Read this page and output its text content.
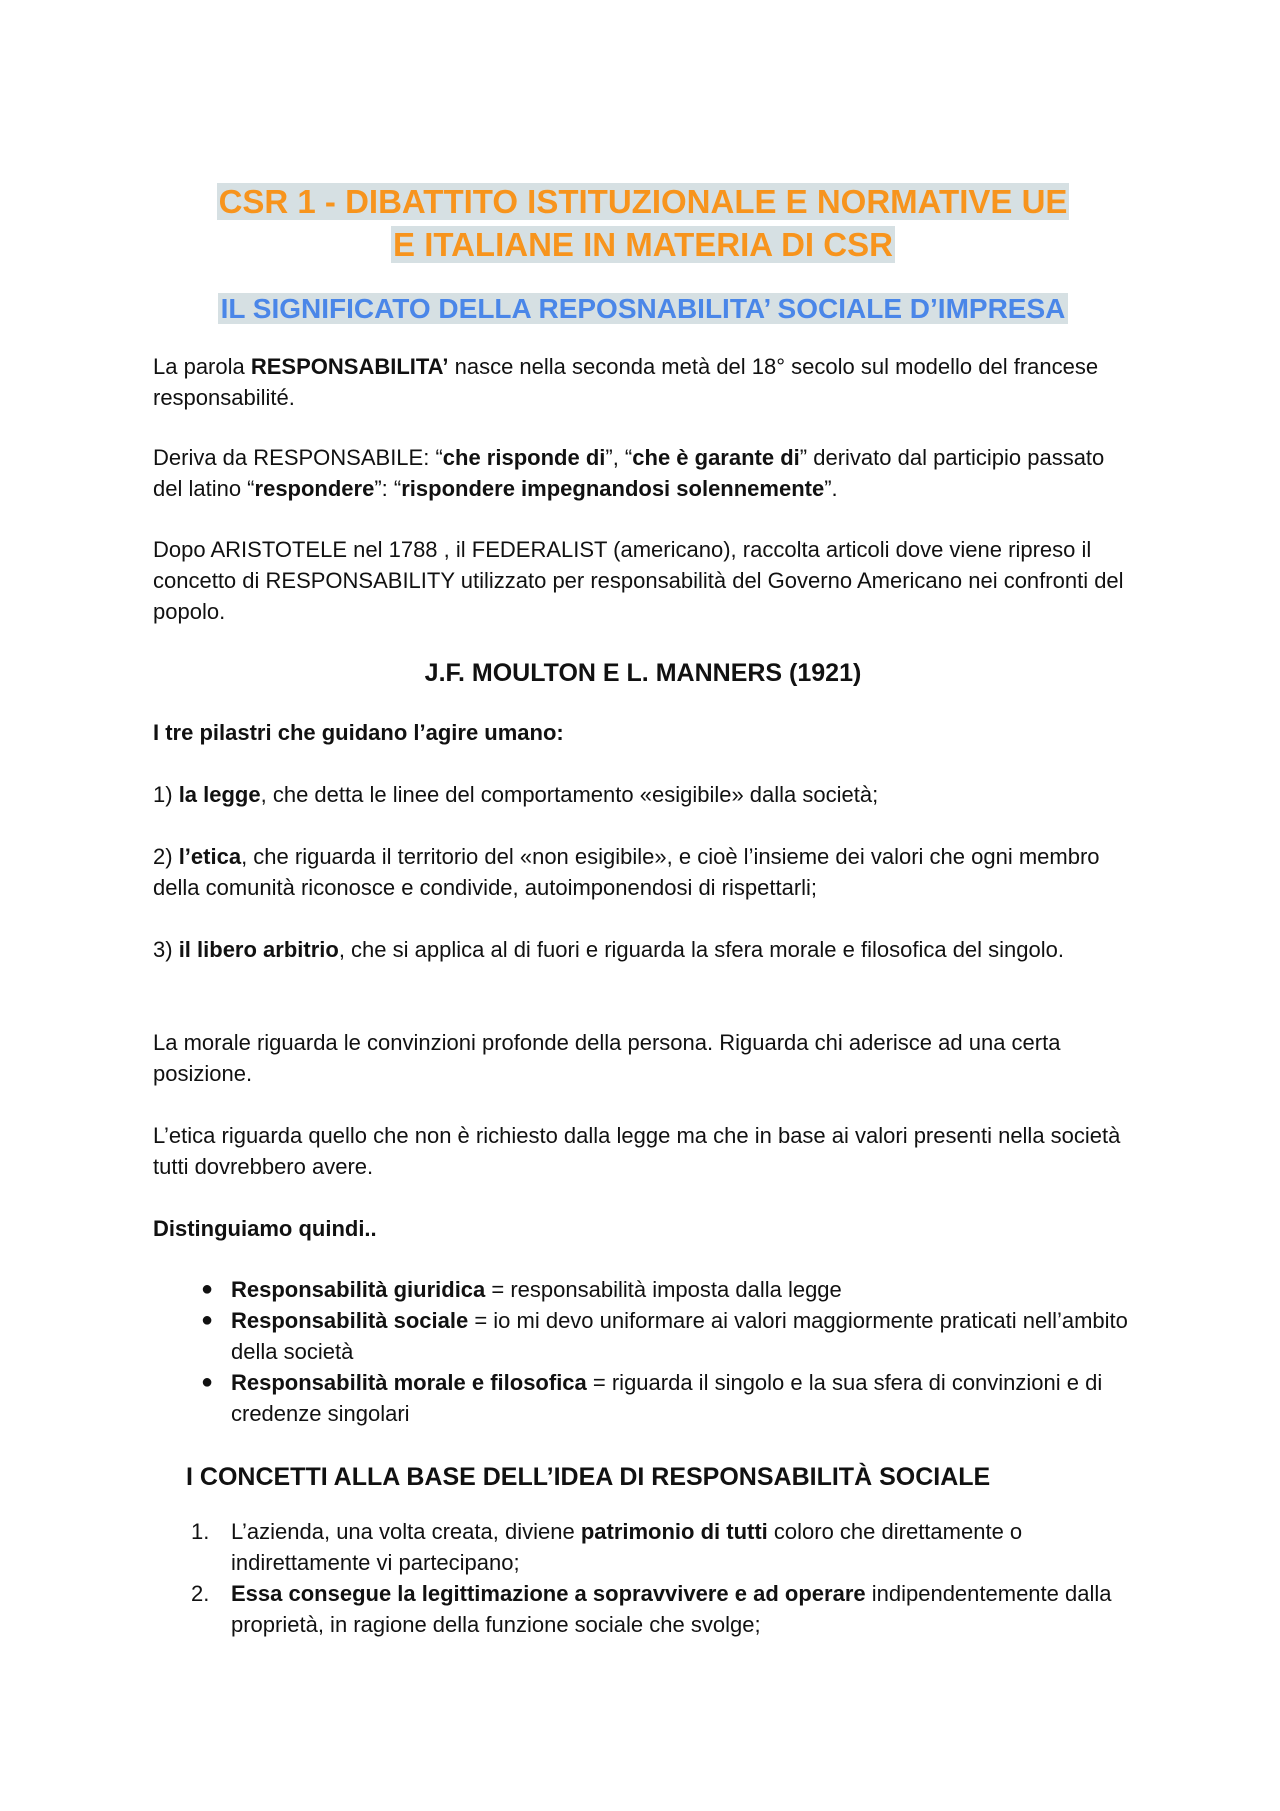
CSR 1 - DIBATTITO ISTITUZIONALE E NORMATIVE UE
E ITALIANE IN MATERIA DI CSR
IL SIGNIFICATO DELLA REPOSNABILITA’ SOCIALE D’IMPRESA

La parola RESPONSABILITA’ nasce nella seconda metà del 18° secolo sul modello del francese responsabilité.

Deriva da RESPONSABILE: “che risponde di”, “che è garante di” derivato dal participio passato del latino “respondere”: “rispondere impegnandosi solennemente”.

Dopo ARISTOTELE nel 1788 , il FEDERALIST (americano), raccolta articoli dove viene ripreso il concetto di RESPONSABILITY utilizzato per responsabilità del Governo Americano nei confronti del popolo.

J.F. MOULTON E L. MANNERS (1921)

I tre pilastri che guidano l’agire umano:

1) la legge, che detta le linee del comportamento «esigibile» dalla società;

2) l’etica, che riguarda il territorio del «non esigibile», e cioè l’insieme dei valori che ogni membro della comunità riconosce e condivide, autoimponendosi di rispettarli;

3) il libero arbitrio, che si applica al di fuori e riguarda la sfera morale e filosofica del singolo.

La morale riguarda le convinzioni profonde della persona. Riguarda chi aderisce ad una certa posizione.

L’etica riguarda quello che non è richiesto dalla legge ma che in base ai valori presenti nella società tutti dovrebbero avere.

Distinguiamo quindi..

● Responsabilità giuridica = responsabilità imposta dalla legge
● Responsabilità sociale = io mi devo uniformare ai valori maggiormente praticati nell’ambito della società
● Responsabilità morale e filosofica = riguarda il singolo e la sua sfera di convinzioni e di credenze singolari
I CONCETTI ALLA BASE DELL’IDEA DI RESPONSABILITÀ SOCIALE
1. L’azienda, una volta creata, diviene patrimonio di tutti coloro che direttamente o indirettamente vi partecipano;
2. Essa consegue la legittimazione a sopravvivere e ad operare indipendentemente dalla proprietà, in ragione della funzione sociale che svolge;
